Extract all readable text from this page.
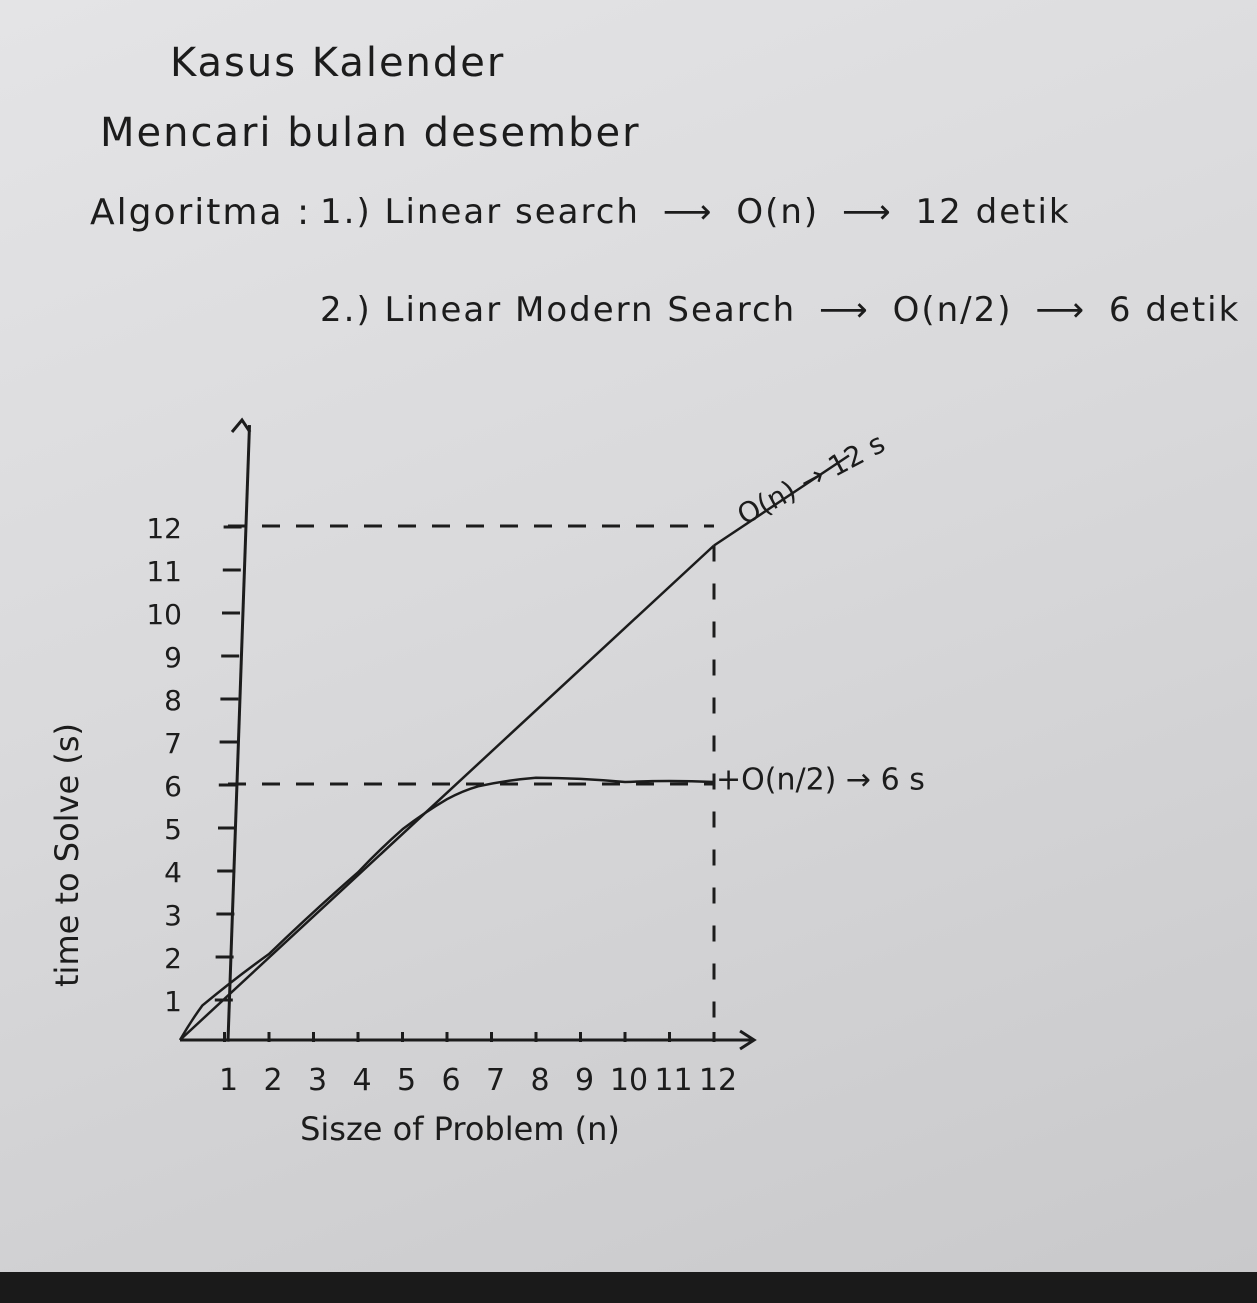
Kasus Kalender
Mencari bulan desember
Algoritma : 1.) Linear search ⟶ O(n) ⟶ 12 detik
2.) Linear Modern Search ⟶ O(n/2) ⟶ 6 detik
1 2 3 4 5 6 7 8 9 10 11 12
1
2
3
4
5
6
7
8
9
10
11
12	O(n) → 12 s
+O(n/2) → 6 s
Sisze of Problem (n)
time to Solve (s)
